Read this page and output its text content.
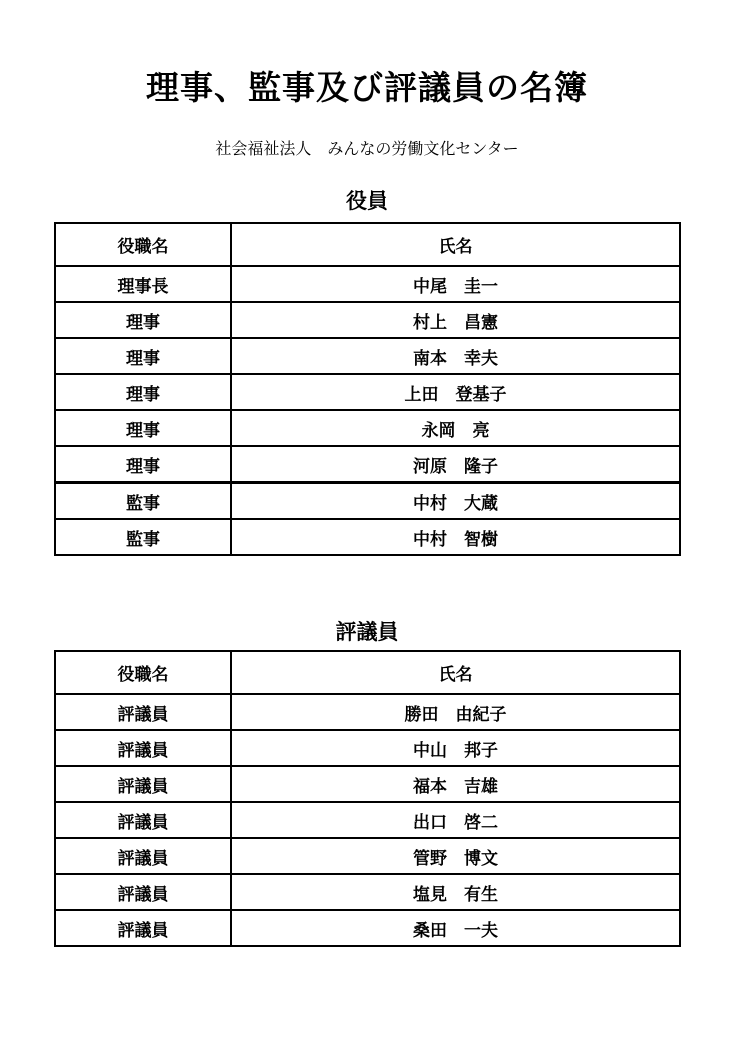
理事、監事及び評議員の名簿
社会福祉法人　みんなの労働文化センター
役員
役職名	氏名
理事長	中尾 圭一
理事	村上 昌憲
理事	南本 幸夫
理事	上田 登基子
理事	永岡 亮
理事	河原 隆子
監事	中村 大蔵
監事	中村 智樹
評議員
役職名	氏名
評議員	勝田 由紀子
評議員	中山 邦子
評議員	福本 吉雄
評議員	出口 啓二
評議員	管野 博文
評議員	塩見 有生
評議員	桑田 一夫
